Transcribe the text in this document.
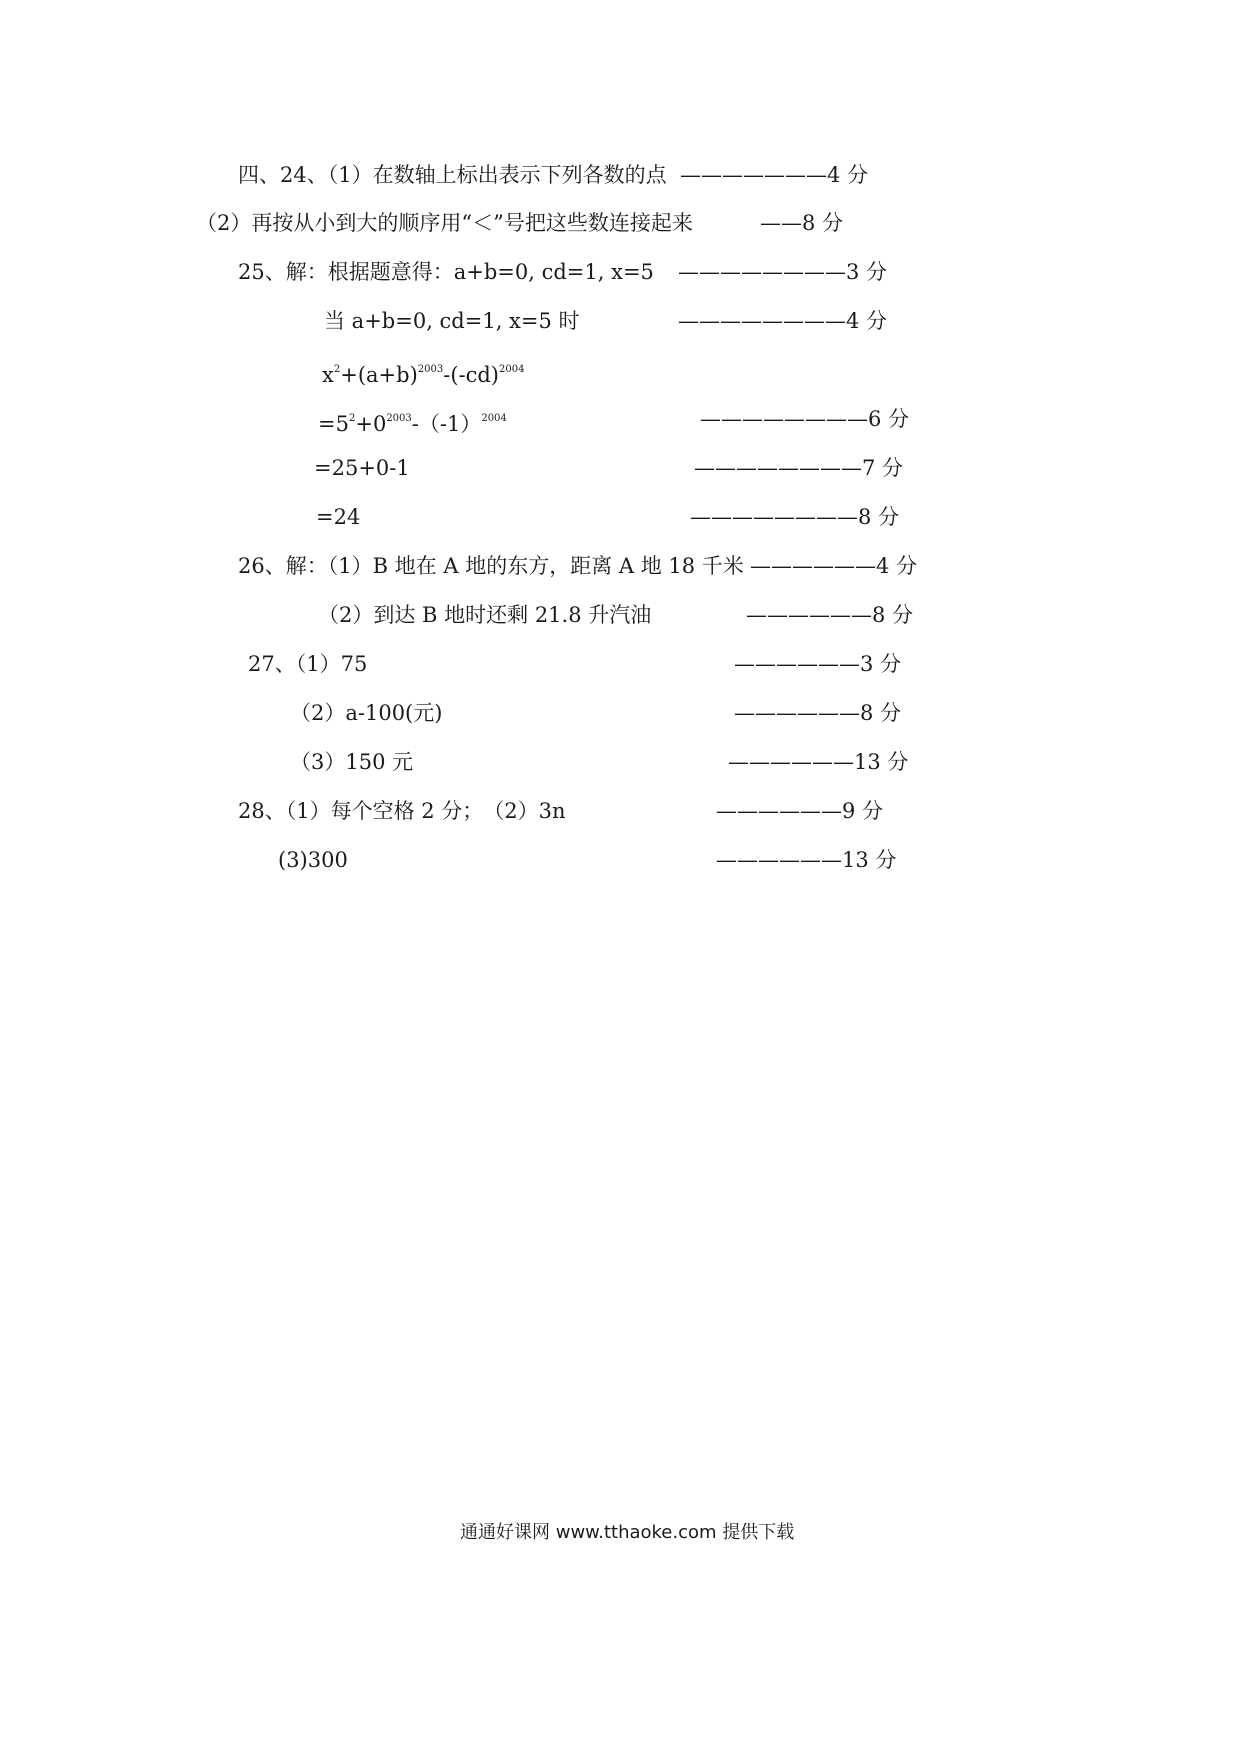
四、24、（1）在数轴上标出表示下列各数的点 ———————4 分
（2）再按从小到大的顺序用“＜”号把这些数连接起来	——8 分
25、解：根据题意得：a+b=0, cd=1, x=5 ————————3 分
当 a+b=0, cd=1, x=5 时	————————4 分
$x^2+(a+b)^{2003}-(-cd)^{2004}$
$=5^2+0^{2003}-(-1)^{2004}$	————————6 分
=25+0-1	————————7 分
=24	————————8 分
26、解：（1）B 地在 A 地的东方，距离 A 地 18 千米 ——————4 分
（2）到达 B 地时还剩 21.8 升汽油	——————8 分
27、（1）75	——————3 分
（2）a-100(元)	——————8 分
（3）150 元	——————13 分
28、（1）每个空格 2 分；　（2）3n	——————9 分
(3)300	——————13 分
通通好课网 www.tthaoke.com 提供下载
